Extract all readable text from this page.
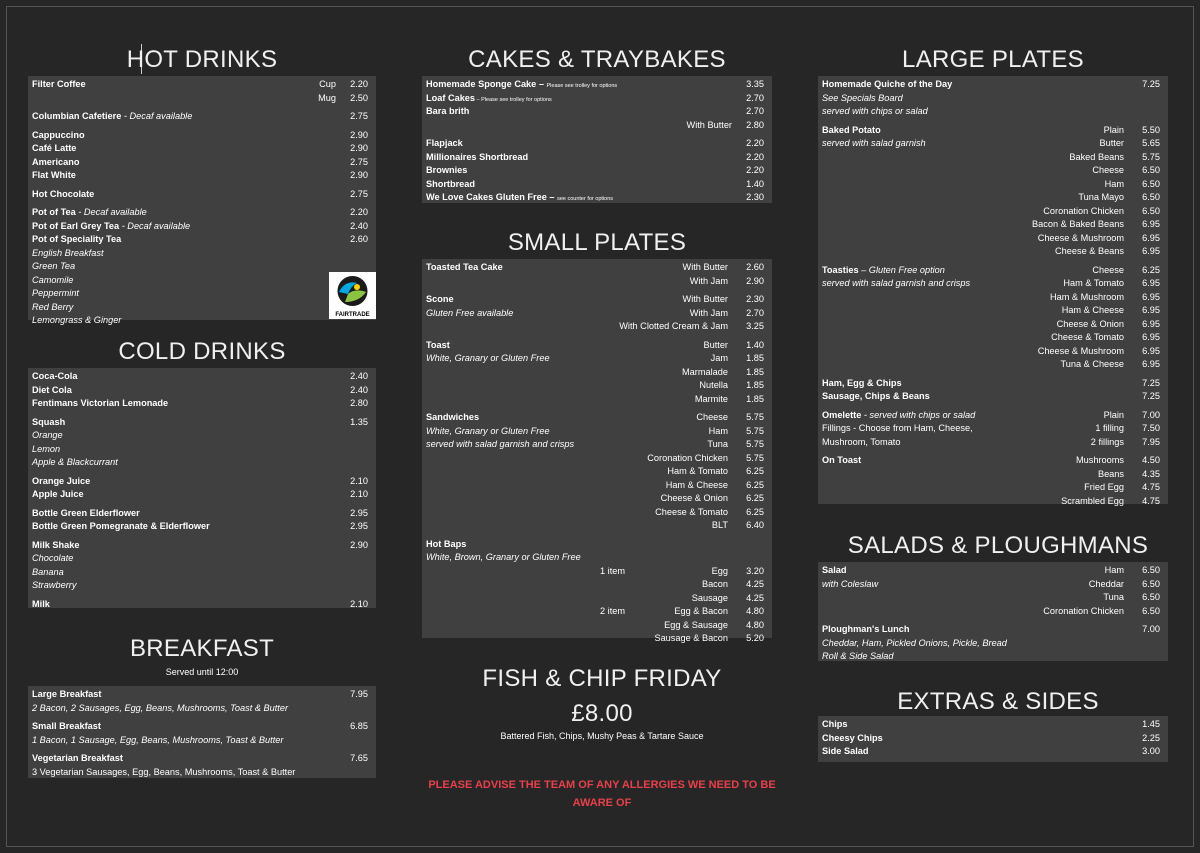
HOT DRINKS
Filter Coffee	Cup 2.20
Mug 2.50
Columbian Cafetiere - Decaf available	2.75
Cappuccino	2.90
Café Latte	2.90
Americano	2.75
Flat White	2.90
Hot Chocolate	2.75
Pot of Tea - Decaf available	2.20
Pot of Earl Grey Tea - Decaf available	2.40
Pot of Speciality Tea	2.60
English Breakfast
Green Tea
Camomile
Peppermint
Red Berry
Lemongrass & Ginger	FAIRTRADE
COLD DRINKS
Coca-Cola	2.40
Diet Cola	2.40
Fentimans Victorian Lemonade	2.80
Squash	1.35
Orange
Lemon
Apple & Blackcurrant
Orange Juice	2.10
Apple Juice	2.10
Bottle Green Elderflower	2.95
Bottle Green Pomegranate & Elderflower	2.95
Milk Shake	2.90
Chocolate
Banana
Strawberry
Milk	2.10
BREAKFAST
Served until 12:00
Large Breakfast	7.95
2 Bacon, 2 Sausages, Egg, Beans, Mushrooms, Toast & Butter
Small Breakfast	6.85
1 Bacon, 1 Sausage, Egg, Beans, Mushrooms, Toast & Butter
Vegetarian Breakfast	7.65
3 Vegetarian Sausages, Egg, Beans, Mushrooms, Toast & Butter
CAKES & TRAYBAKES
Homemade Sponge Cake – Please see trolley for options	3.35
Loaf Cakes – Please see trolley for options	2.70
Bara brith	2.70
With Butter 2.80
Flapjack	2.20
Millionaires Shortbread	2.20
Brownies	2.20
Shortbread	1.40
We Love Cakes Gluten Free – see counter for options	2.30
SMALL PLATES
Toasted Tea Cake	With Butter 2.60
With Jam 2.90
Scone	With Butter 2.30
Gluten Free available	With Jam 2.70
With Clotted Cream & Jam 3.25
Toast	Butter 1.40
White, Granary or Gluten Free	Jam 1.85
Marmalade 1.85
Nutella 1.85
Marmite 1.85
Sandwiches	Cheese 5.75
White, Granary or Gluten Free	Ham 5.75
served with salad garnish and crisps	Tuna 5.75
Coronation Chicken 5.75
Ham & Tomato 6.25
Ham & Cheese 6.25
Cheese & Onion 6.25
Cheese & Tomato 6.25
BLT 6.40
Hot Baps
White, Brown, Granary or Gluten Free
1 item	Egg 3.20
Bacon 4.25
Sausage 4.25
2 item	Egg & Bacon 4.80
Egg & Sausage 4.80
Sausage & Bacon 5.20
FISH & CHIP FRIDAY
£8.00
Battered Fish, Chips, Mushy Peas & Tartare Sauce
PLEASE ADVISE THE TEAM OF ANY ALLERGIES WE NEED TO BE AWARE OF
LARGE PLATES
Homemade Quiche of the Day	7.25
See Specials Board
served with chips or salad
Baked Potato	Plain 5.50
served with salad garnish	Butter 5.65
Baked Beans 5.75
Cheese 6.50
Ham 6.50
Tuna Mayo 6.50
Coronation Chicken 6.50
Bacon & Baked Beans 6.95
Cheese & Mushroom 6.95
Cheese & Beans 6.95
Toasties – Gluten Free option	Cheese 6.25
served with salad garnish and crisps	Ham & Tomato 6.95
Ham & Mushroom 6.95
Ham & Cheese 6.95
Cheese & Onion 6.95
Cheese & Tomato 6.95
Cheese & Mushroom 6.95
Tuna & Cheese 6.95
Ham, Egg & Chips	7.25
Sausage, Chips & Beans	7.25
Omelette - served with chips or salad	Plain 7.00
Fillings - Choose from Ham, Cheese,	1 filling 7.50
Mushroom, Tomato	2 fillings 7.95
On Toast	Mushrooms 4.50
Beans 4.35
Fried Egg 4.75
Scrambled Egg 4.75
SALADS & PLOUGHMANS
Salad	Ham 6.50
with Coleslaw	Cheddar 6.50
Tuna 6.50
Coronation Chicken 6.50
Ploughman's Lunch	7.00
Cheddar, Ham, Pickled Onions, Pickle, Bread
Roll & Side Salad
EXTRAS & SIDES
Chips	1.45
Cheesy Chips	2.25
Side Salad	3.00
